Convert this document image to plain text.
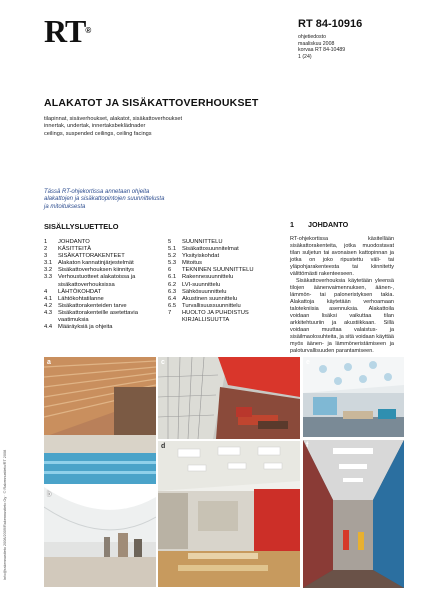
RT®
RT 84-10916
ohjetiedosto
maaliskuu 2008
korvaa RT 84-10489
1 (24)
ALAKATOT JA SISÄKATTOVERHOUKSET
tilapinnat, sisäverhoukset, alakatot, sisäkattoverhoukset
innertak, undertak, innertaksbeklädnader
ceilings, suspended ceilings, ceiling facings
Tässä RT-ohjekortissa annetaan ohjeita alakattojen ja sisäkattopintojen suunnittelusta ja mitoituksesta
SISÄLLYSLUETTELO
1	JOHDANTO
2	KÄSITTEITÄ
3	SISÄKATTORAKENTEET
3.1	Alakaton kannatinjärjestelmät
3.2	Sisäkattoverhouksen kiinnitys
3.3	Verhoustuotteet alakatoissa ja sisäkattoverhouksissa
4	LÄHTÖKOHDAT
4.1	Lähtökohtatilanne
4.2	Sisäkattorakenteiden tarve
4.3	Sisäkattorakenteille asetettavia vaatimuksia
4.4	Määräyksiä ja ohjeita
5	SUUNNITTELU
5.1	Sisäkattosuunnitelmat
5.2	Yksityiskohdat
5.3	Mitoitus
6	TEKNINEN SUUNNITTELU
6.1	Rakennesuunnittelu
6.2	LVI-suunnittelu
6.3	Sähkösuunnittelu
6.4	Akustinen suunnittelu
6.5	Turvallisuussuunnittelu
7	HUOLTO JA PUHDISTUS
KIRJALLISUUTTA
1 JOHDANTO

RT-ohjekortissa käsitellään sisäkattorakenteita, jotka muodostavat tilan suljetun tai avonaisen kattopinnan ja jotka on joko ripustettu väli- tai yläpohjarakenteesta tai kiinnitetty välittömästi rakenteeseen.

Sisäkattoverhouksia käytetään yleensä tilojen äänenvaimennuksen, äänen-, lämmön- tai paloneristyksen takia. Alakattoja käytetään verhoamaan talotekniisia asennuksia. Alakattoila voidaan lisäksi vaikuttaa tilan arkkitehtuuriin ja akustiikkaan. Sillä voidaan muuttaa valaistus- ja sisäilmaolosuhteita, ja sitä voidaan käyttää myös äänen- ja lämmöneristämiseen ja paloturvallisuuden parantamiseen.

Info@rakennustieto 2008/2009/Rakennustieto Oy · © Rakennustieto/RT 2008
a	c	e
f
b
d
